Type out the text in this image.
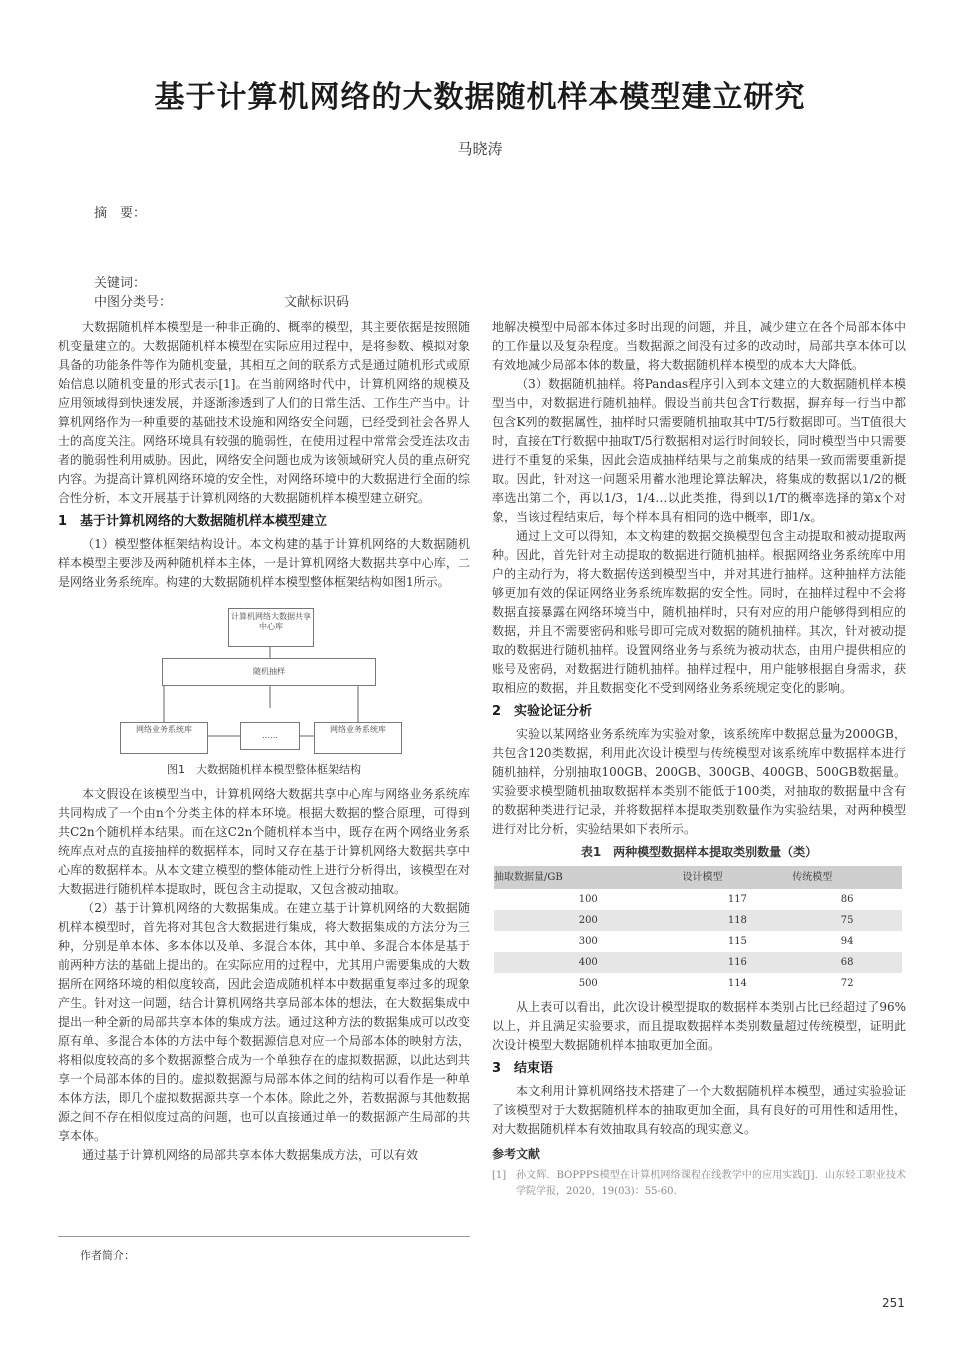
基于计算机网络的大数据随机样本模型建立研究
马晓涛
摘　要：
关键词：
中图分类号：	文献标识码

大数据随机样本模型是一种非正确的、概率的模型，其主要依据是按照随机变量建立的。大数据随机样本模型在实际应用过程中，是将参数、模拟对象具备的功能条件等作为随机变量，其相互之间的联系方式是通过随机形式或原始信息以随机变量的形式表示[1]。在当前网络时代中，计算机网络的规模及应用领域得到快速发展，并逐渐渗透到了人们的日常生活、工作生产当中。计算机网络作为一种重要的基础技术设施和网络安全问题，已经受到社会各界人士的高度关注。网络环境具有较强的脆弱性，在使用过程中常常会受连法攻击者的脆弱性利用威胁。因此，网络安全问题也成为该领域研究人员的重点研究内容。为提高计算机网络环境的安全性，对网络环境中的大数据进行全面的综合性分析，本文开展基于计算机网络的大数据随机样本模型建立研究。

1 基于计算机网络的大数据随机样本模型建立

（1）模型整体框架结构设计。本文构建的基于计算机网络的大数据随机样本模型主要涉及两种随机样本主体，一是计算机网络大数据共享中心库，二是网络业务系统库。构建的大数据随机样本模型整体框架结构如图1所示。

计算机网络大数据共享中心库
随机抽样
网络业务系统库
……
网络业务系统库
图1　大数据随机样本模型整体框架结构

本文假设在该模型当中，计算机网络大数据共享中心库与网络业务系统库共同构成了一个由n个分类主体的样本环境。根据大数据的整合原理，可得到共C2n个随机样本结果。而在这C2n个随机样本当中，既存在两个网络业务系统库点对点的直接抽样的数据样本，同时又存在基于计算机网络大数据共享中心库的数据样本。从本文建立模型的整体能动性上进行分析得出，该模型在对大数据进行随机样本提取时，既包含主动提取，又包含被动抽取。

（2）基于计算机网络的大数据集成。在建立基于计算机网络的大数据随机样本模型时，首先将对其包含大数据进行集成，将大数据集成的方法分为三种，分别是单本体、多本体以及单、多混合本体，其中单、多混合本体是基于前两种方法的基础上提出的。在实际应用的过程中，尤其用户需要集成的大数据所在网络环境的相似度较高，因此会造成随机样本中数据重复率过多的现象产生。针对这一问题，结合计算机网络共享局部本体的想法，在大数据集成中提出一种全新的局部共享本体的集成方法。通过这种方法的数据集成可以改变原有单、多混合本体的方法中每个数据源信息对应一个局部本体的映射方法，将相似度较高的多个数据源整合成为一个单独存在的虚拟数据源，以此达到共享一个局部本体的目的。虚拟数据源与局部本体之间的结构可以看作是一种单本体方法，即几个虚拟数据源共享一个本体。除此之外，若数据源与其他数据源之间不存在相似度过高的问题，也可以直接通过单一的数据源产生局部的共享本体。

通过基于计算机网络的局部共享本体大数据集成方法，可以有效

作者简介：

地解决模型中局部本体过多时出现的问题，并且，减少建立在各个局部本体中的工作量以及复杂程度。当数据源之间没有过多的改动时，局部共享本体可以有效地减少局部本体的数量，将大数据随机样本模型的成本大大降低。

（3）数据随机抽样。将Pandas程序引入到本文建立的大数据随机样本模型当中，对数据进行随机抽样。假设当前共包含T行数据，摒弃每一行当中都包含K列的数据属性，抽样时只需要随机抽取其中T/5行数据即可。当T值很大时，直接在T行数据中抽取T/5行数据相对运行时间较长，同时模型当中只需要进行不重复的采集，因此会造成抽样结果与之前集成的结果一致而需要重新提取。因此，针对这一问题采用蓄水池理论算法解决，将集成的数据以1/2的概率选出第二个，再以1/3，1/4…以此类推，得到以1/T的概率选择的第x个对象，当该过程结束后，每个样本具有相同的选中概率，即1/x。

通过上文可以得知，本文构建的数据交换模型包含主动提取和被动提取两种。因此，首先针对主动提取的数据进行随机抽样。根据网络业务系统库中用户的主动行为，将大数据传送到模型当中，并对其进行抽样。这种抽样方法能够更加有效的保证网络业务系统库数据的安全性。同时，在抽样过程中不会将数据直接暴露在网络环境当中，随机抽样时，只有对应的用户能够得到相应的数据，并且不需要密码和账号即可完成对数据的随机抽样。其次，针对被动提取的数据进行随机抽样。设置网络业务与系统为被动状态，由用户提供相应的账号及密码，对数据进行随机抽样。抽样过程中，用户能够根据自身需求，获取相应的数据，并且数据变化不受到网络业务系统规定变化的影响。

2 实验论证分析

实验以某网络业务系统库为实验对象，该系统库中数据总量为2000GB，共包含120类数据，利用此次设计模型与传统模型对该系统库中数据样本进行随机抽样，分别抽取100GB、200GB、300GB、400GB、500GB数据量。实验要求模型随机抽取数据样本类别不能低于100类，对抽取的数据量中含有的数据种类进行记录，并将数据样本提取类别数量作为实验结果，对两种模型进行对比分析，实验结果如下表所示。

表1　两种模型数据样本提取类别数量（类）
抽取数据量/GB	设计模型	传统模型
100	117	86
200	118	75
300	115	94
400	116	68
500	114	72

从上表可以看出，此次设计模型提取的数据样本类别占比已经超过了96%以上，并且满足实验要求，而且提取数据样本类别数量超过传统模型，证明此次设计模型大数据随机样本抽取更加全面。

3 结束语

本文利用计算机网络技术搭建了一个大数据随机样本模型，通过实验验证了该模型对于大数据随机样本的抽取更加全面，具有良好的可用性和适用性，对大数据随机样本有效抽取具有较高的现实意义。

参考文献
[1] 孙文辉．BOPPPS模型在计算机网络课程在线教学中的应用实践[J]．山东轻工职业技术学院学报，2020，19(03)：55-60.
251
